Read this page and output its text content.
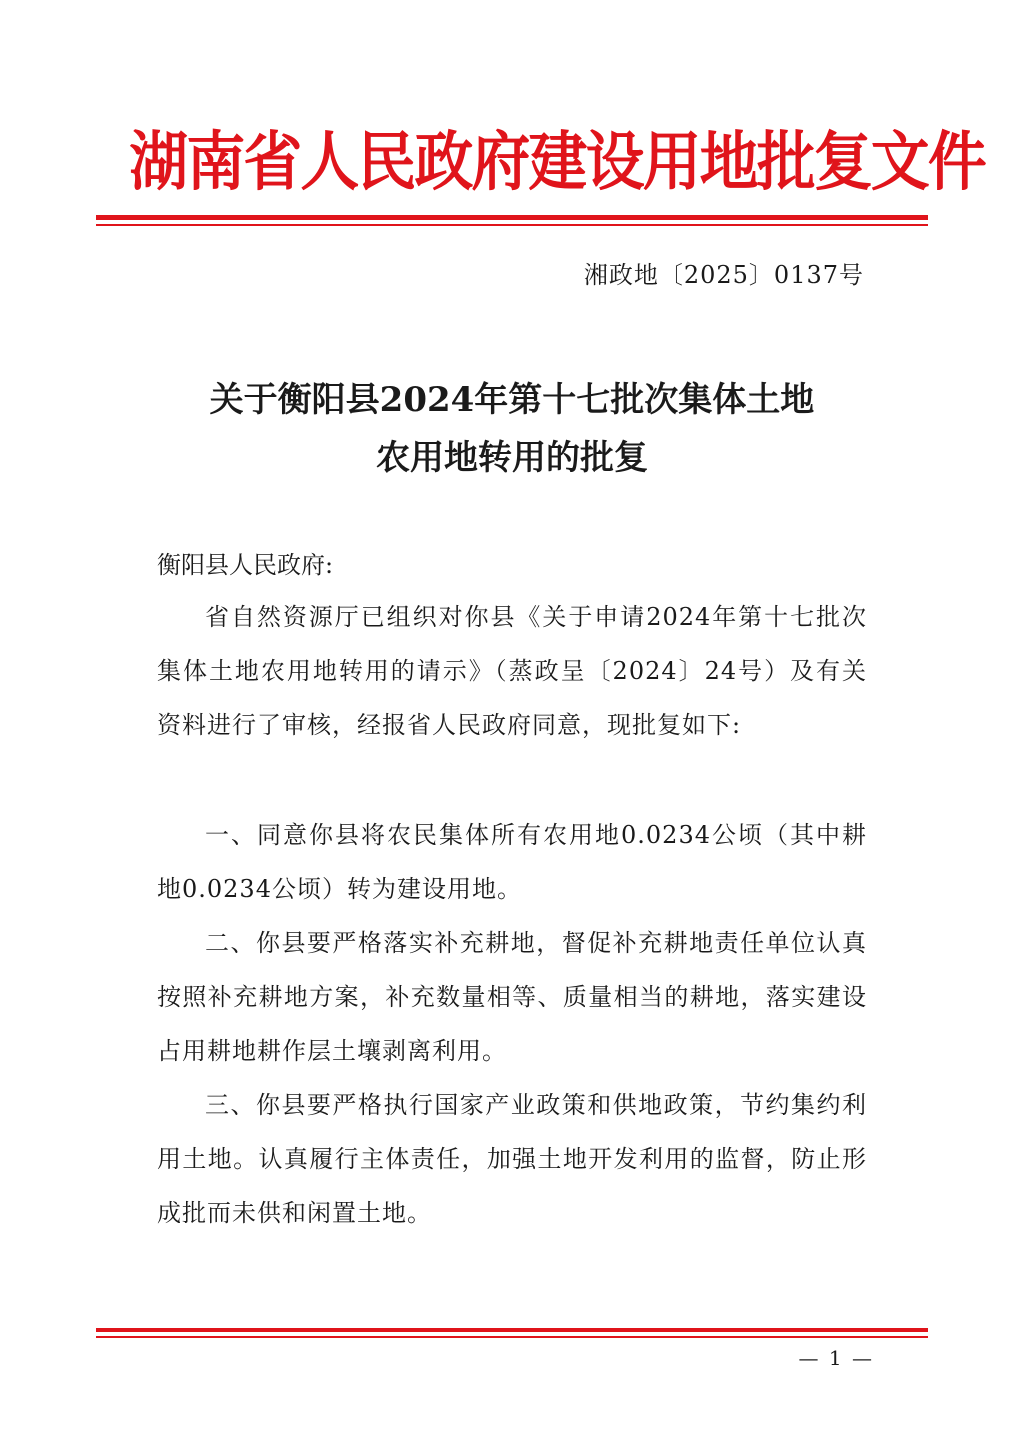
湖南省人民政府建设用地批复文件
湘政地〔2025〕0137号
关于衡阳县2024年第十七批次集体土地
农用地转用的批复
衡阳县人民政府:
省自然资源厅已组织对你县《关于申请2024年第十七批次集体土地农用地转用的请示》（蒸政呈〔2024〕24号）及有关资料进行了审核，经报省人民政府同意，现批复如下:
一、同意你县将农民集体所有农用地0.0234公顷（其中耕地0.0234公顷）转为建设用地。
二、你县要严格落实补充耕地，督促补充耕地责任单位认真按照补充耕地方案，补充数量相等、质量相当的耕地，落实建设占用耕地耕作层土壤剥离利用。
三、你县要严格执行国家产业政策和供地政策，节约集约利用土地。认真履行主体责任，加强土地开发利用的监督，防止形成批而未供和闲置土地。
— 1 —
